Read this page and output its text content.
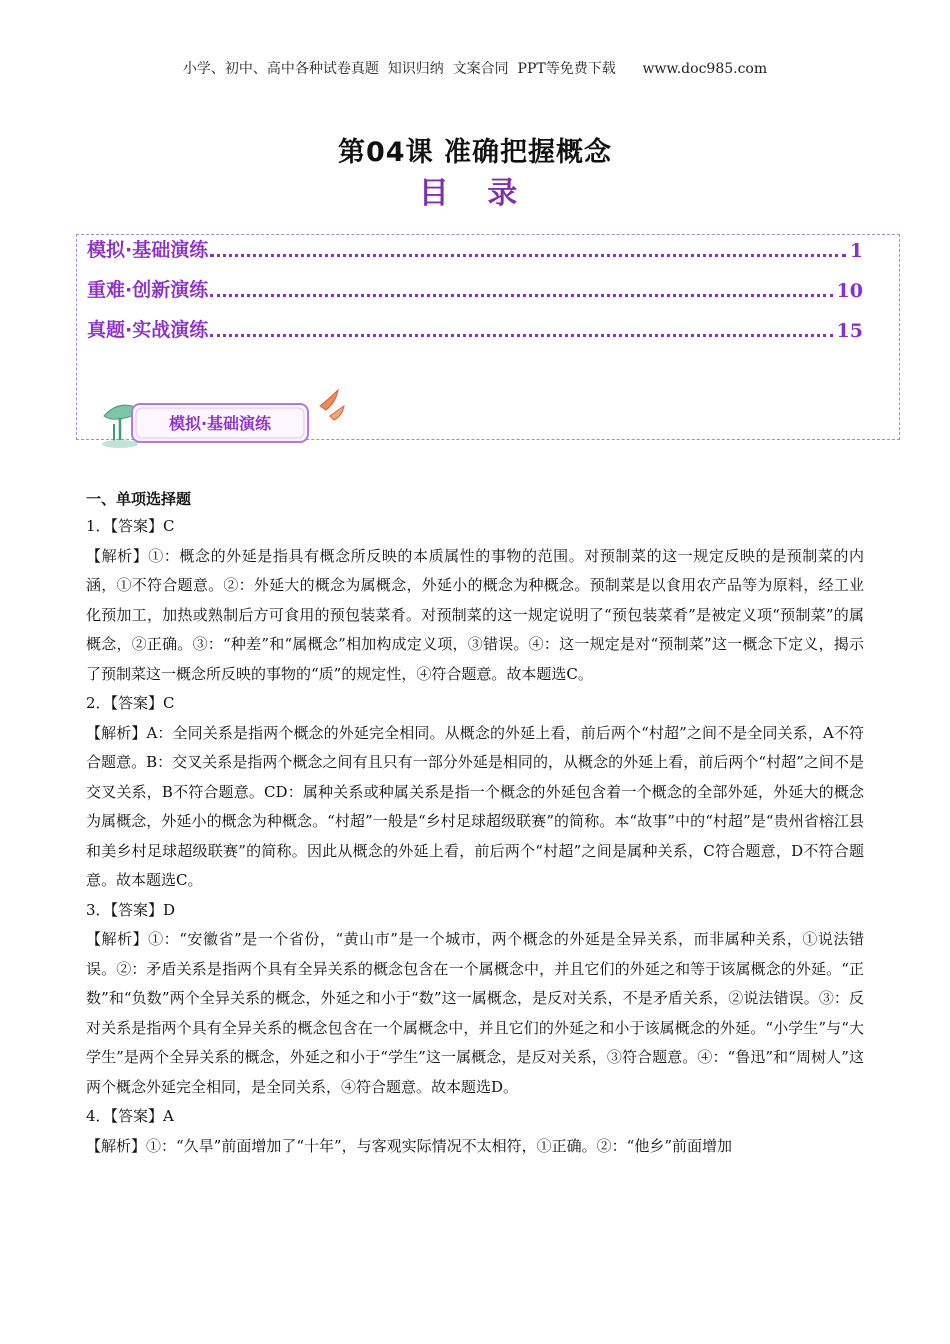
小学、初中、高中各种试卷真题  知识归纳  文案合同  PPT等免费下载      www.doc985.com
第04课 准确把握概念
目 录
模拟·基础演练	1
重难·创新演练	10
真题·实战演练	15
模拟·基础演练
一、单项选择题

1．【答案】C

【解析】①：概念的外延是指具有概念所反映的本质属性的事物的范围。对预制菜的这一规定反映的是预制菜的内涵，①不符合题意。②：外延大的概念为属概念，外延小的概念为种概念。预制菜是以食用农产品等为原料，经工业化预加工，加热或熟制后方可食用的预包装菜肴。对预制菜的这一规定说明了“预包装菜肴”是被定义项“预制菜”的属概念，②正确。③：“种差”和“属概念”相加构成定义项，③错误。④：这一规定是对“预制菜”这一概念下定义，揭示了预制菜这一概念所反映的事物的“质”的规定性，④符合题意。故本题选C。

2．【答案】C

【解析】A：全同关系是指两个概念的外延完全相同。从概念的外延上看，前后两个“村超”之间不是全同关系，A不符合题意。B：交叉关系是指两个概念之间有且只有一部分外延是相同的，从概念的外延上看，前后两个“村超”之间不是交叉关系，B不符合题意。CD：属种关系或种属关系是指一个概念的外延包含着一个概念的全部外延，外延大的概念为属概念，外延小的概念为种概念。“村超”一般是“乡村足球超级联赛”的简称。本“故事”中的“村超”是“贵州省榕江县和美乡村足球超级联赛”的简称。因此从概念的外延上看，前后两个“村超”之间是属种关系，C符合题意，D不符合题意。故本题选C。

3．【答案】D

【解析】①：“安徽省”是一个省份，“黄山市”是一个城市，两个概念的外延是全异关系，而非属种关系，①说法错误。②：矛盾关系是指两个具有全异关系的概念包含在一个属概念中，并且它们的外延之和等于该属概念的外延。“正数”和“负数”两个全异关系的概念，外延之和小于“数”这一属概念，是反对关系，不是矛盾关系，②说法错误。③：反对关系是指两个具有全异关系的概念包含在一个属概念中，并且它们的外延之和小于该属概念的外延。“小学生”与“大学生”是两个全异关系的概念，外延之和小于“学生”这一属概念，是反对关系，③符合题意。④：“鲁迅”和“周树人”这两个概念外延完全相同，是全同关系，④符合题意。故本题选D。

4．【答案】A

【解析】①：“久旱”前面增加了“十年”，与客观实际情况不太相符，①正确。②：“他乡”前面增加
